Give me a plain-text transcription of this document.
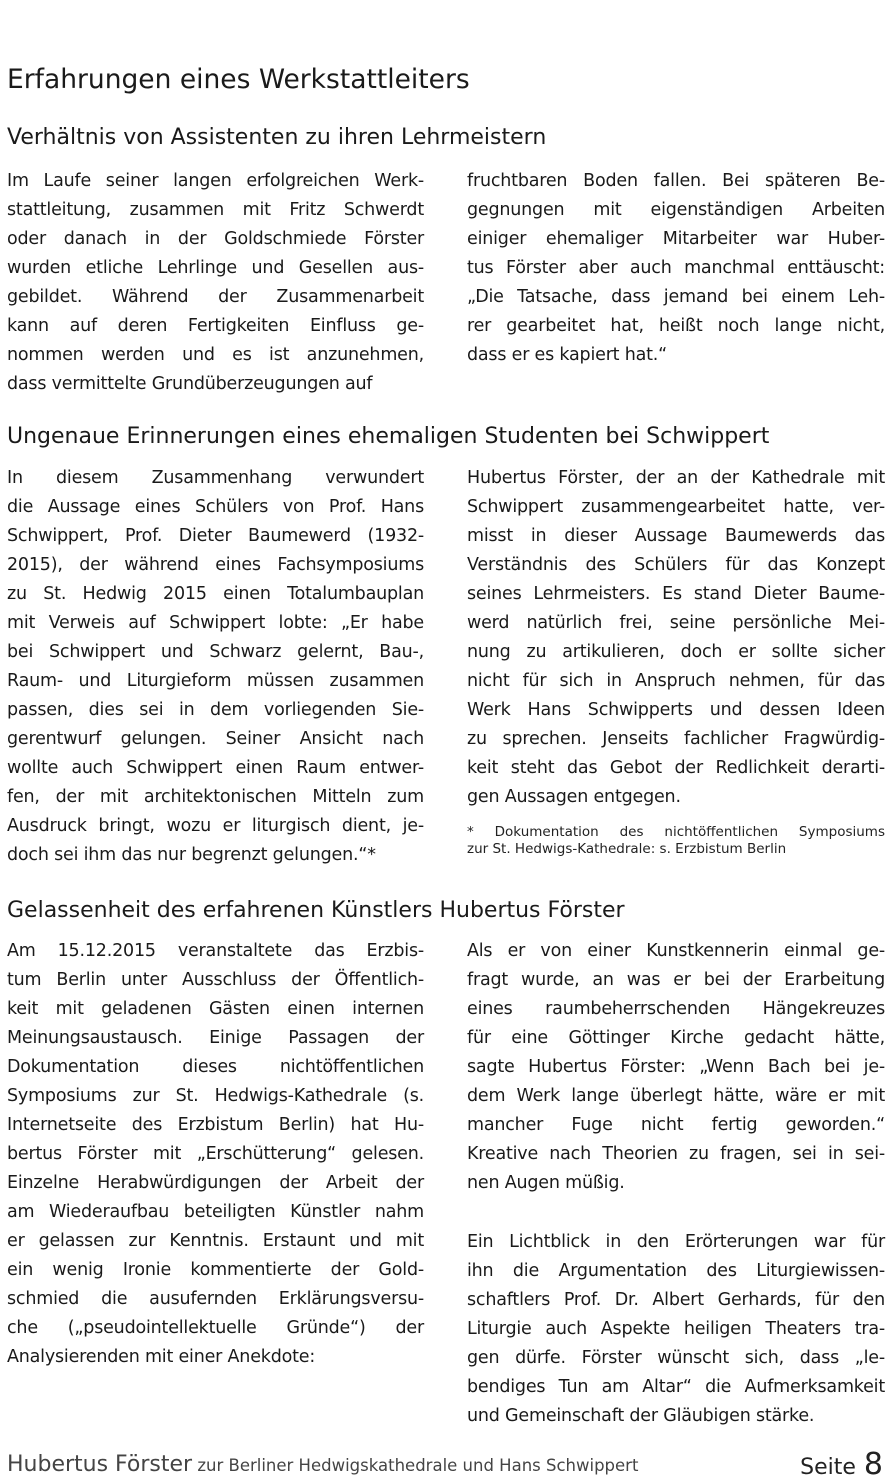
Erfahrungen eines Werkstattleiters
Verhältnis von Assistenten zu ihren Lehrmeistern
Im Laufe seiner langen erfolgreichen Werk-
stattleitung, zusammen mit Fritz Schwerdt
oder danach in der Goldschmiede Förster
wurden etliche Lehrlinge und Gesellen aus-
gebildet. Während der Zusammenarbeit
kann auf deren Fertigkeiten Einfluss ge-
nommen werden und es ist anzunehmen,
dass vermittelte Grundüberzeugungen auf
fruchtbaren Boden fallen. Bei späteren Be-
gegnungen mit eigenständigen Arbeiten
einiger ehemaliger Mitarbeiter war Huber-
tus Förster aber auch manchmal enttäuscht:
„Die Tatsache, dass jemand bei einem Leh-
rer gearbeitet hat, heißt noch lange nicht,
dass er es kapiert hat.“
Ungenaue Erinnerungen eines ehemaligen Studenten bei Schwippert
In diesem Zusammenhang verwundert
die Aussage eines Schülers von Prof. Hans
Schwippert, Prof. Dieter Baumewerd (1932-
2015), der während eines Fachsymposiums
zu St. Hedwig 2015 einen Totalumbauplan
mit Verweis auf Schwippert lobte: „Er habe
bei Schwippert und Schwarz gelernt, Bau-,
Raum- und Liturgieform müssen zusammen
passen, dies sei in dem vorliegenden Sie-
gerentwurf gelungen. Seiner Ansicht nach
wollte auch Schwippert einen Raum entwer-
fen, der mit architektonischen Mitteln zum
Ausdruck bringt, wozu er liturgisch dient, je-
doch sei ihm das nur begrenzt gelungen.“*
Hubertus Förster, der an der Kathedrale mit
Schwippert zusammengearbeitet hatte, ver-
misst in dieser Aussage Baumewerds das
Verständnis des Schülers für das Konzept
seines Lehrmeisters. Es stand Dieter Baume-
werd natürlich frei, seine persönliche Mei-
nung zu artikulieren, doch er sollte sicher
nicht für sich in Anspruch nehmen, für das
Werk Hans Schwipperts und dessen Ideen
zu sprechen. Jenseits fachlicher Fragwürdig-
keit steht das Gebot der Redlichkeit derarti-
gen Aussagen entgegen.
* Dokumentation des nichtöffentlichen Symposiums
zur St. Hedwigs-Kathedrale: s. Erzbistum Berlin
Gelassenheit des erfahrenen Künstlers Hubertus Förster
Am 15.12.2015 veranstaltete das Erzbis-
tum Berlin unter Ausschluss der Öffentlich-
keit mit geladenen Gästen einen internen
Meinungsaustausch. Einige Passagen der
Dokumentation dieses nichtöffentlichen
Symposiums zur St. Hedwigs-Kathedrale (s.
Internetseite des Erzbistum Berlin) hat Hu-
bertus Förster mit „Erschütterung“ gelesen.
Einzelne Herabwürdigungen der Arbeit der
am Wiederaufbau beteiligten Künstler nahm
er gelassen zur Kenntnis. Erstaunt und mit
ein wenig Ironie kommentierte der Gold-
schmied die ausufernden Erklärungsversu-
che („pseudointellektuelle Gründe“) der
Analysierenden mit einer Anekdote:
Als er von einer Kunstkennerin einmal ge-
fragt wurde, an was er bei der Erarbeitung
eines raumbeherrschenden Hängekreuzes
für eine Göttinger Kirche gedacht hätte,
sagte Hubertus Förster: „Wenn Bach bei je-
dem Werk lange überlegt hätte, wäre er mit
mancher Fuge nicht fertig geworden.“
Kreative nach Theorien zu fragen, sei in sei-
nen Augen müßig.
Ein Lichtblick in den Erörterungen war für
ihn die Argumentation des Liturgiewissen-
schaftlers Prof. Dr. Albert Gerhards, für den
Liturgie auch Aspekte heiligen Theaters tra-
gen dürfe. Förster wünscht sich, dass „le-
bendiges Tun am Altar“ die Aufmerksamkeit
und Gemeinschaft der Gläubigen stärke.
Hubertus Förster zur Berliner Hedwigskathedrale und Hans Schwippert	Seite 8
